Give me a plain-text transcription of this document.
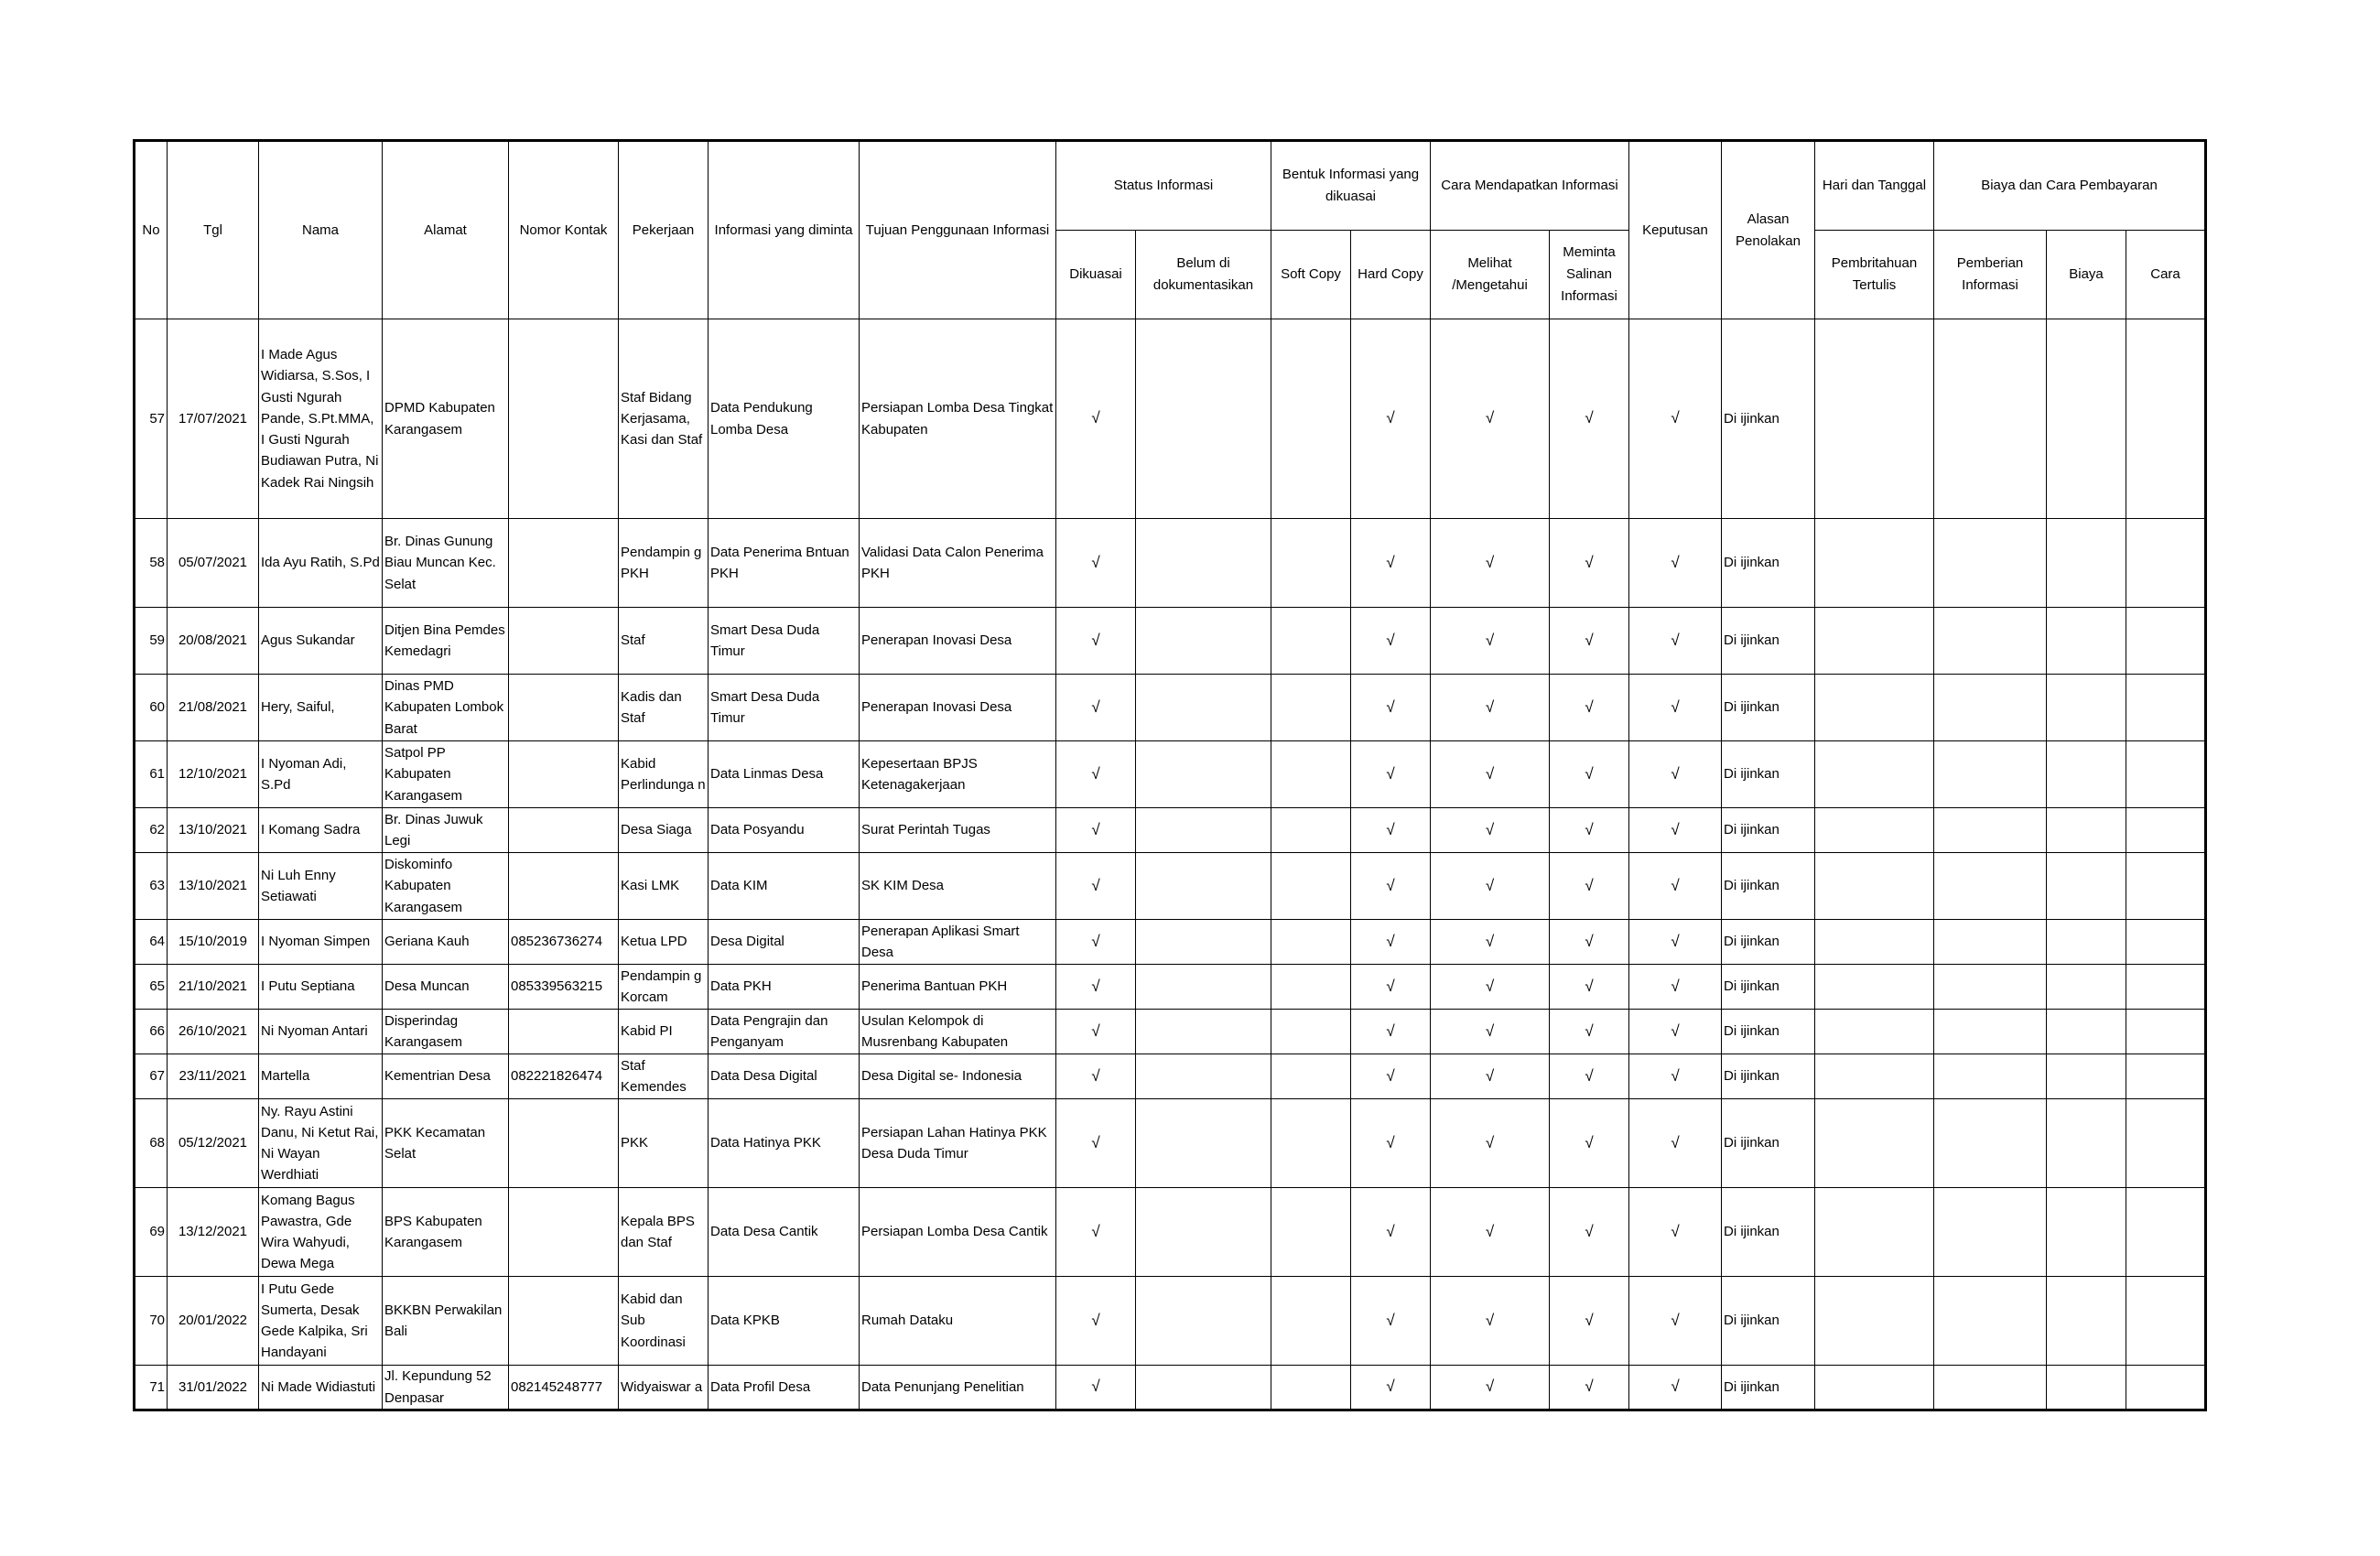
No	Tgl	Nama	Alamat	Nomor Kontak	Pekerjaan	Informasi yang diminta	Tujuan Penggunaan Informasi	Status Informasi		Bentuk Informasi yang dikuasai		Cara Mendapatkan Informasi		Keputusan	Alasan Penolakan	Hari dan Tanggal	Biaya dan Cara Pembayaran		
								Dikuasai	Belum di dokumentasikan	Soft Copy	Hard Copy	Melihat /Mengetahui	Meminta Salinan Informasi			Pembritahuan Tertulis	Pemberian Informasi	Biaya	Cara
57	17/07/2021	I Made Agus Widiarsa, S.Sos, I Gusti Ngurah Pande, S.Pt.MMA, I Gusti Ngurah Budiawan Putra, Ni Kadek Rai Ningsih	DPMD Kabupaten Karangasem		Staf Bidang Kerjasama, Kasi dan Staf	Data Pendukung Lomba Desa	Persiapan Lomba Desa Tingkat Kabupaten	√			√	√	√	√	Di ijinkan				
58	05/07/2021	Ida Ayu Ratih, S.Pd	Br. Dinas Gunung Biau Muncan Kec. Selat		Pendampin g PKH	Data Penerima Bntuan PKH	Validasi Data Calon Penerima PKH	√			√	√	√	√	Di ijinkan				
59	20/08/2021	Agus Sukandar	Ditjen Bina Pemdes Kemedagri		Staf	Smart Desa Duda Timur	Penerapan Inovasi Desa	√			√	√	√	√	Di ijinkan				
60	21/08/2021	Hery, Saiful,	Dinas PMD Kabupaten Lombok Barat		Kadis dan Staf	Smart Desa Duda Timur	Penerapan Inovasi Desa	√			√	√	√	√	Di ijinkan				
61	12/10/2021	I Nyoman Adi, S.Pd	Satpol PP Kabupaten Karangasem		Kabid Perlindunga n	Data Linmas Desa	Kepesertaan BPJS Ketenagakerjaan	√			√	√	√	√	Di ijinkan				
62	13/10/2021	I Komang Sadra	Br. Dinas Juwuk Legi		Desa Siaga	Data Posyandu	Surat Perintah Tugas	√			√	√	√	√	Di ijinkan				
63	13/10/2021	Ni Luh Enny Setiawati	Diskominfo Kabupaten Karangasem		Kasi LMK	Data KIM	SK KIM Desa	√			√	√	√	√	Di ijinkan				
64	15/10/2019	I Nyoman Simpen	Geriana Kauh	085236736274	Ketua LPD	Desa Digital	Penerapan Aplikasi Smart Desa	√			√	√	√	√	Di ijinkan				
65	21/10/2021	I Putu Septiana	Desa Muncan	085339563215	Pendampin g Korcam	Data PKH	Penerima Bantuan PKH	√			√	√	√	√	Di ijinkan				
66	26/10/2021	Ni Nyoman Antari	Disperindag Karangasem		Kabid PI	Data Pengrajin dan Penganyam	Usulan Kelompok di Musrenbang Kabupaten	√			√	√	√	√	Di ijinkan				
67	23/11/2021	Martella	Kementrian Desa	082221826474	Staf Kemendes	Data Desa Digital	Desa Digital se- Indonesia	√			√	√	√	√	Di ijinkan				
68	05/12/2021	Ny. Rayu Astini Danu, Ni Ketut Rai, Ni Wayan Werdhiati	PKK Kecamatan Selat		PKK	Data Hatinya PKK	Persiapan Lahan Hatinya PKK Desa Duda Timur	√			√	√	√	√	Di ijinkan				
69	13/12/2021	Komang Bagus Pawastra, Gde Wira Wahyudi, Dewa Mega	BPS Kabupaten Karangasem		Kepala BPS dan Staf	Data Desa Cantik	Persiapan Lomba Desa Cantik	√			√	√	√	√	Di ijinkan				
70	20/01/2022	I Putu Gede Sumerta, Desak Gede Kalpika, Sri Handayani	BKKBN Perwakilan Bali		Kabid dan Sub Koordinasi	Data KPKB	Rumah Dataku	√			√	√	√	√	Di ijinkan				
71	31/01/2022	Ni Made Widiastuti	Jl. Kepundung 52 Denpasar	082145248777	Widyaiswar a	Data Profil Desa	Data Penunjang Penelitian	√			√	√	√	√	Di ijinkan				
